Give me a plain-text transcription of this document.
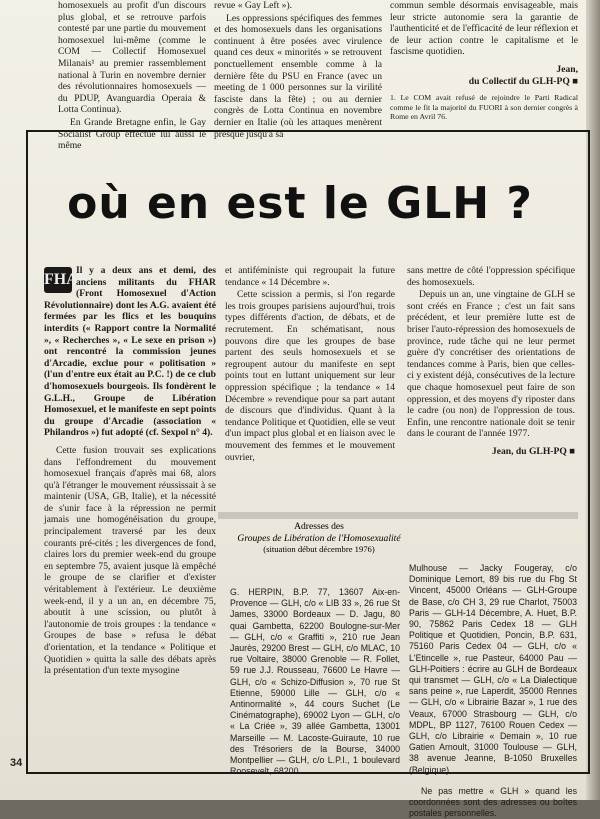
homosexuels au profit d'un discours plus global, et se retrouve parfois contesté par une partie du mouvement homosexuel lui-même (comme le COM — Collectif Homosexuel Milanais¹ au premier rassemblement national à Turin en novembre dernier des révolutionnaires homosexuels — du PDUP, Avanguardia Operaia & Lotta Continua).

En Grande Bretagne enfin, le Gay Socialist Group effectue lui aussi le même

revue « Gay Left »).

Les oppressions spécifiques des femmes et des homosexuels dans les organisations continuent à être posées avec virulence quand ces deux « minorités » se retrouvent ponctuellement ensemble comme à la dernière fête du PSU en France (avec un meeting de 1 000 personnes sur la virilité fasciste dans la fête) ; ou au dernier congrès de Lotta Continua en novembre dernier en Italie (où les attaques menèrent presque jusqu'à sa

commun semble désormais envisageable, mais leur stricte autonomie sera la garantie de l'authenticité et de l'efficacité de leur réflexion et de leur action contre le capitalisme et le fascisme quotidien.

Jean,
du Collectif du GLH-PQ ■
1. Le COM avait refusé de rejoindre le Parti Radical comme le fit la majorité du FUORI à son dernier congrès à Rome en Avril 76.
où en est le GLH ?

FHAR
Il y a deux ans et demi, des anciens militants du FHAR (Front Homosexuel d'Action Révolutionnaire) dont les A.G. avaient été fermées par les flics et les bouquins interdits (« Rapport contre la Normalité », « Recherches », « Le sexe en prison ») ont rencontré la commission jeunes d'Arcadie, exclue pour « politisation » (l'un d'entre eux était au P.C. !) de ce club d'homosexuels bourgeois. Ils fondèrent le G.L.H., Groupe de Libération Homosexuel, et le manifeste en sept points du groupe d'Arcadie (association « Philandros ») fut adopté (cf. Sexpol n° 4).

Cette fusion trouvait ses explications dans l'effondrement du mouvement homosexuel français d'après mai 68, alors qu'à l'étranger le mouvement réussissait à se maintenir (USA, GB, Italie), et la nécessité de s'unir face à la répression ne permit jamais une homogénéisation du groupe, principalement traversé par les deux courants pré-cités ; les divergences de fond, claires lors du premier week-end du groupe en septembre 75, avaient jusque là empêché le groupe de se clarifier et d'exister véritablement à l'extérieur. Le deuxième week-end, il y a un an, en décembre 75, aboutit à une scission, ou plutôt à l'autonomie de trois groupes : la tendance « Groupes de base » refusa le débat d'orientation, et la tendance « Politique et Quotidien » quitta la salle des débats après la présentation d'un texte mysogine

et antiféministe qui regroupait la future tendance « 14 Décembre ».

Cette scission a permis, si l'on regarde les trois groupes parisiens aujourd'hui, trois types différents d'action, de débats, et de recrutement. En schématisant, nous pouvons dire que les groupes de base partent des seuls homosexuels et se regroupent autour du manifeste en sept points tout en luttant uniquement sur leur oppression spécifique ; la tendance « 14 Décembre » revendique pour sa part autant de discours que d'individus. Quant à la tendance Politique et Quotidien, elle se veut d'un impact plus global et en liaison avec le mouvement des femmes et le mouvement ouvrier,

sans mettre de côté l'oppression spécifique des homosexuels.

Depuis un an, une vingtaine de GLH se sont créés en France ; c'est un fait sans précédent, et leur première lutte est de briser l'auto-répression des homosexuels de province, rude tâche qui ne leur permet guère d'y concrétiser des orientations de tendances comme à Paris, bien que celles-ci y existent déjà, consécutives de la lecture que chaque homosexuel peut faire de son oppression, et des moyens d'y riposter dans le cadre (ou non) de l'oppression de tous. Enfin, une rencontre nationale doit se tenir dans le courant de l'année 1977.

Jean, du GLH-PQ ■
Adresses des
Groupes de Libération de l'Homosexualité
(situation début décembre 1976)
G. HERPIN, B.P. 77, 13607 Aix-en-Provence — GLH, c/o « LIB 33 », 26 rue St James, 33000 Bordeaux — D. Jagu, 80 quai Gambetta, 62200 Boulogne-sur-Mer — GLH, c/o « Graffiti », 210 rue Jean Jaurès, 29200 Brest — GLH, c/o MLAC, 10 rue Voltaire, 38000 Grenoble — R. Follet, 59 rue J.J. Rousseau, 76600 Le Havre — GLH, c/o « Schizo-Diffusion », 70 rue St Etienne, 59000 Lille — GLH, c/o « Antinormalité », 44 cours Suchet (Le Cinématographe), 69002 Lyon — GLH, c/o « La Criée », 39 allée Gambetta, 13001 Marseille — M. Lacoste-Guiraute, 10 rue des Trésoriers de la Bourse, 34000 Montpellier — GLH, c/o L.P.I., 1 boulevard Roosevelt, 68200

Mulhouse — Jacky Fougeray, c/o Dominique Lemort, 89 bis rue du Fbg St Vincent, 45000 Orléans — GLH-Groupe de Base, c/o CH 3, 29 rue Charlot, 75003 Paris — GLH-14 Décembre, A. Huet, B.P. 90, 75862 Paris Cedex 18 — GLH Politique et Quotidien, Poncin, B.P. 631, 75160 Paris Cedex 04 — GLH, c/o « L'Etincelle », rue Pasteur, 64000 Pau — GLH-Poitiers : écrire au GLH de Bordeaux qui transmet — GLH, c/o « La Dialectique sans peine », rue Laperdit, 35000 Rennes — GLH, c/o « Librairie Bazar », 1 rue des Veaux, 67000 Strasbourg — GLH, c/o MDPL, BP 1127, 76100 Rouen Cedex — GLH, c/o Librairie « Demain », 10 rue Gatien Arnoult, 31000 Toulouse — GLH, 38 avenue Jeanne, B-1050 Bruxelles (Belgique).

Ne pas mettre « GLH » quand les coordonnées sont des adresses ou boîtes postales personnelles.

34
